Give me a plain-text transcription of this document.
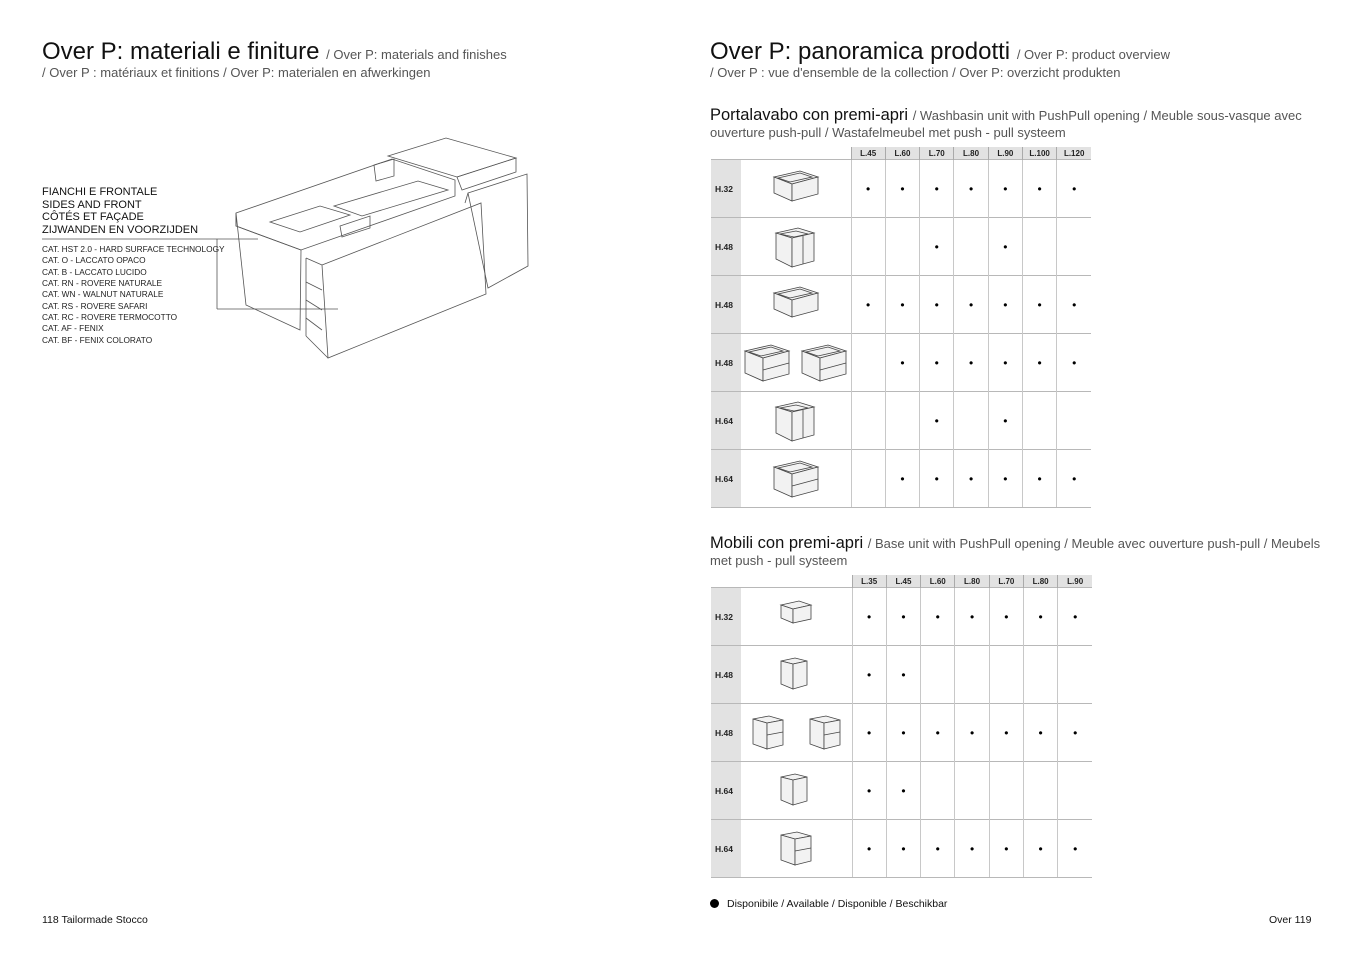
Over P: materiali e finiture / Over P: materials and finishes
/ Over P : matériaux et finitions / Over P: materialen en afwerkingen
FIANCHI E FRONTALE
SIDES AND FRONT
CÔTÉS ET FAÇADE
ZIJWANDEN EN VOORZIJDEN
CAT. HST 2.0 - HARD SURFACE TECHNOLOGY
CAT. O - LACCATO OPACO
CAT. B - LACCATO LUCIDO
CAT. RN - ROVERE NATURALE
CAT. WN - WALNUT NATURALE
CAT. RS - ROVERE SAFARI
CAT. RC - ROVERE TERMOCOTTO
CAT. AF - FENIX
CAT. BF - FENIX COLORATO
118 Tailormade Stocco
Over P: panoramica prodotti / Over P: product overview
/ Over P : vue d'ensemble de la collection / Over P: overzicht produkten
Portalavabo con premi-apri / Washbasin unit with PushPull opening / Meuble sous-vasque avec
ouverture push-pull / Wastafelmeubel met push - pull systeem
		L.45	L.60	L.70	L.80	L.90	L.100	L.120
H.32		•	•	•	•	•	•	•
H.48				•		•		
H.48		•	•	•	•	•	•	•
H.48			•	•	•	•	•	•
H.64				•		•		
H.64			•	•	•	•	•	•
Mobili con premi-apri / Base unit with PushPull opening / Meuble avec ouverture push-pull / Meubels
met push - pull systeem
		L.35	L.45	L.60	L.80	L.70	L.80	L.90
H.32		•	•	•	•	•	•	•
H.48		•	•					
H.48		•	•	•	•	•	•	•
H.64		•	•					
H.64		•	•	•	•	•	•	•
Disponibile / Available / Disponible / Beschikbar
Over 119
